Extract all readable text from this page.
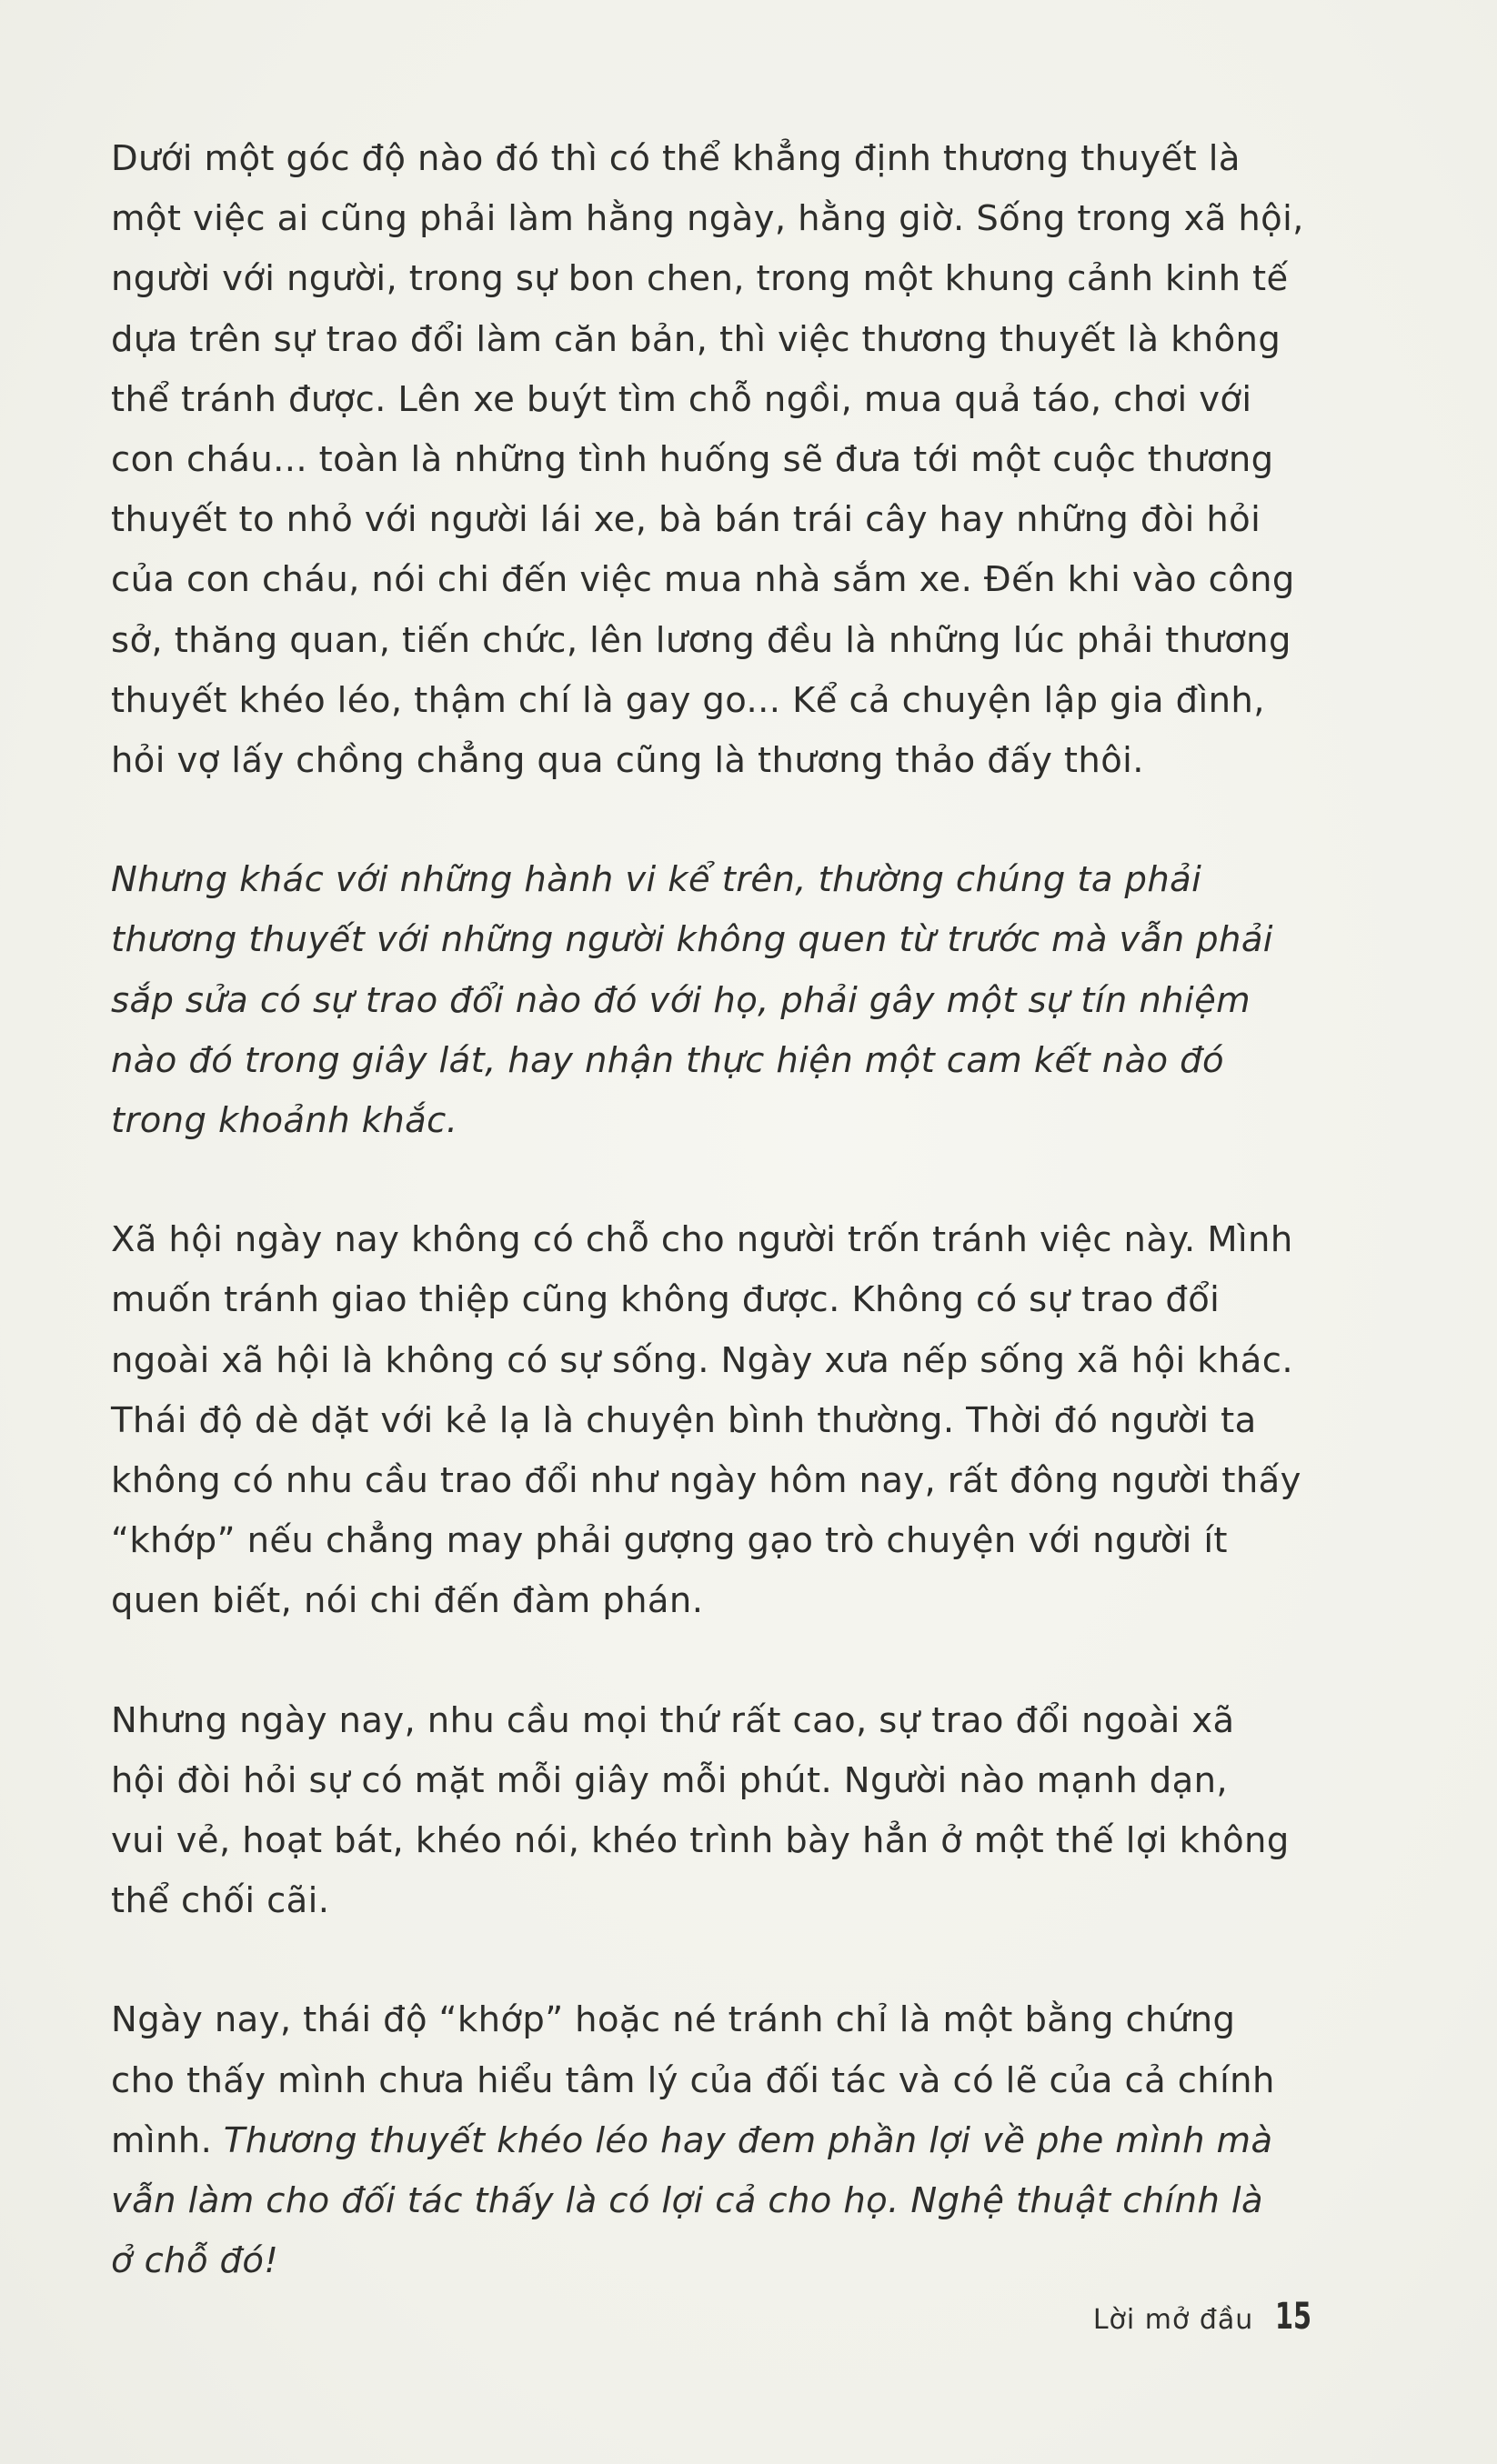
Dưới một góc độ nào đó thì có thể khẳng định thương thuyết là
một việc ai cũng phải làm hằng ngày, hằng giờ. Sống trong xã hội,
người với người, trong sự bon chen, trong một khung cảnh kinh tế
dựa trên sự trao đổi làm căn bản, thì việc thương thuyết là không
thể tránh được. Lên xe buýt tìm chỗ ngồi, mua quả táo, chơi với
con cháu... toàn là những tình huống sẽ đưa tới một cuộc thương
thuyết to nhỏ với người lái xe, bà bán trái cây hay những đòi hỏi
của con cháu, nói chi đến việc mua nhà sắm xe. Đến khi vào công
sở, thăng quan, tiến chức, lên lương đều là những lúc phải thương
thuyết khéo léo, thậm chí là gay go... Kể cả chuyện lập gia đình,
hỏi vợ lấy chồng chẳng qua cũng là thương thảo đấy thôi.

Nhưng khác với những hành vi kể trên, thường chúng ta phải
thương thuyết với những người không quen từ trước mà vẫn phải
sắp sửa có sự trao đổi nào đó với họ, phải gây một sự tín nhiệm
nào đó trong giây lát, hay nhận thực hiện một cam kết nào đó
trong khoảnh khắc.

Xã hội ngày nay không có chỗ cho người trốn tránh việc này. Mình
muốn tránh giao thiệp cũng không được. Không có sự trao đổi
ngoài xã hội là không có sự sống. Ngày xưa nếp sống xã hội khác.
Thái độ dè dặt với kẻ lạ là chuyện bình thường. Thời đó người ta
không có nhu cầu trao đổi như ngày hôm nay, rất đông người thấy
“khớp” nếu chẳng may phải gượng gạo trò chuyện với người ít
quen biết, nói chi đến đàm phán.

Nhưng ngày nay, nhu cầu mọi thứ rất cao, sự trao đổi ngoài xã
hội đòi hỏi sự có mặt mỗi giây mỗi phút. Người nào mạnh dạn,
vui vẻ, hoạt bát, khéo nói, khéo trình bày hẳn ở một thế lợi không
thể chối cãi.

Ngày nay, thái độ “khớp” hoặc né tránh chỉ là một bằng chứng
cho thấy mình chưa hiểu tâm lý của đối tác và có lẽ của cả chính
mình. Thương thuyết khéo léo hay đem phần lợi về phe mình mà
vẫn làm cho đối tác thấy là có lợi cả cho họ. Nghệ thuật chính là
ở chỗ đó!

Lời mở đầu 15
